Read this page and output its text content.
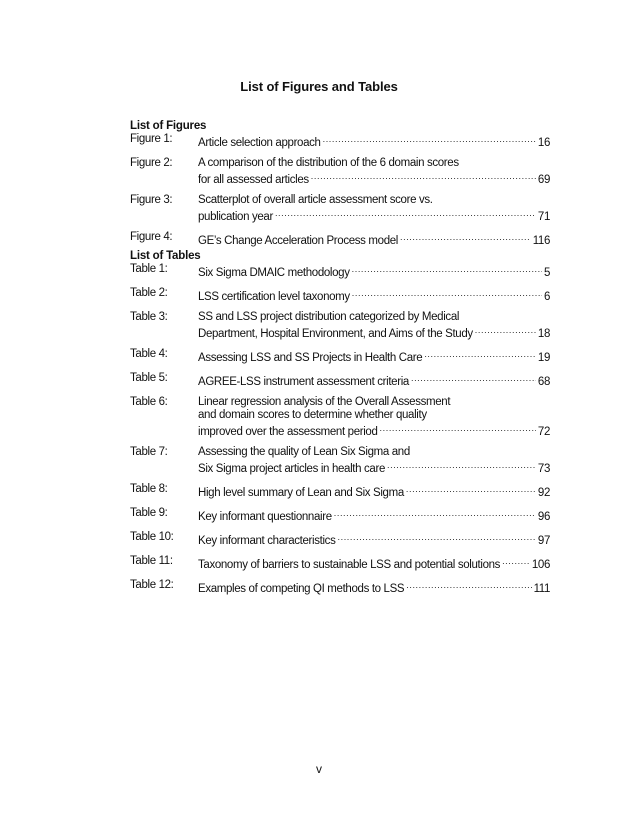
List of Figures and Tables
List of Figures
Figure 1:	Article selection approach .....	16
Figure 2:	A comparison of the distribution of the 6 domain scores
for all assessed articles .....	69
Figure 3:	Scatterplot of overall article assessment score vs.
publication year .....	71
Figure 4:	GE’s Change Acceleration Process model .....	116
List of Tables
Table 1:	Six Sigma DMAIC methodology .....	5
Table 2:	LSS certification level taxonomy .....	6
Table 3:	SS and LSS project distribution categorized by Medical
Department, Hospital Environment, and Aims of the Study .....	18
Table 4:	Assessing LSS and SS Projects in Health Care .....	19
Table 5:	AGREE-LSS instrument assessment criteria .....	68
Table 6:	Linear regression analysis of the Overall Assessment
and domain scores to determine whether quality
improved over the assessment period .....	72
Table 7:	Assessing the quality of Lean Six Sigma and
Six Sigma project articles in health care .....	73
Table 8:	High level summary of Lean and Six Sigma .....	92
Table 9:	Key informant questionnaire .....	96
Table 10:	Key informant characteristics .....	97
Table 11:	Taxonomy of barriers to sustainable LSS and potential solutions .....	106
Table 12:	Examples of competing QI methods to LSS .....	111
v
